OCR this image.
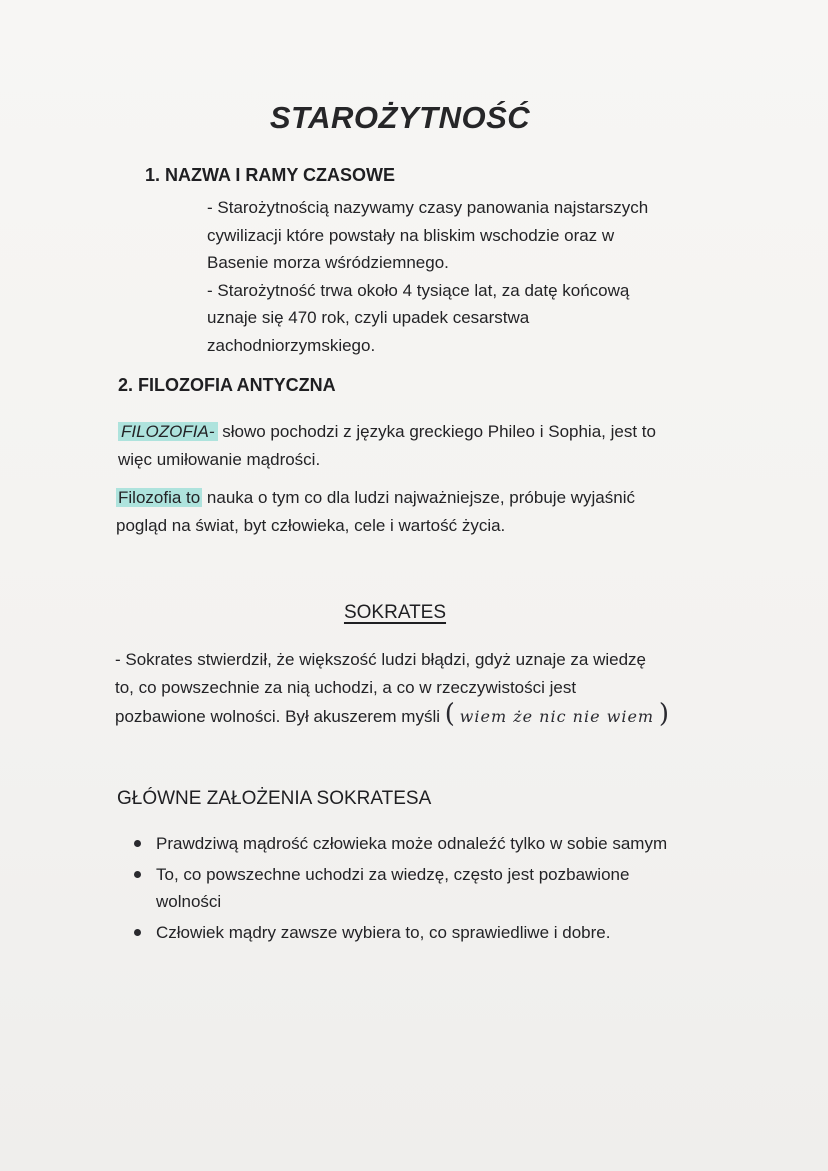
STAROŻYTNOŚĆ
1. NAZWA I RAMY CZASOWE
- Starożytnością nazywamy czasy panowania najstarszych
cywilizacji które powstały na bliskim wschodzie oraz w
Basenie morza wśródziemnego.
- Starożytność trwa około 4 tysiące lat, za datę końcową
uznaje się 470 rok, czyli upadek cesarstwa
zachodniorzymskiego.
2. FILOZOFIA ANTYCZNA
FILOZOFIA- słowo pochodzi z języka greckiego Phileo i Sophia, jest to
więc umiłowanie mądrości.
Filozofia to nauka o tym co dla ludzi najważniejsze, próbuje wyjaśnić
pogląd na świat, byt człowieka, cele i wartość życia.
SOKRATES
- Sokrates stwierdził, że większość ludzi błądzi, gdyż uznaje za wiedzę
to, co powszechnie za nią uchodzi, a co w rzeczywistości jest
pozbawione wolności. Był akuszerem myśli ( wiem że nic nie wiem )
GŁÓWNE ZAŁOŻENIA SOKRATESA
Prawdziwą mądrość człowieka może odnaleźć tylko w sobie samym
To, co powszechne uchodzi za wiedzę, często jest pozbawione wolności
Człowiek mądry zawsze wybiera to, co sprawiedliwe i dobre.
